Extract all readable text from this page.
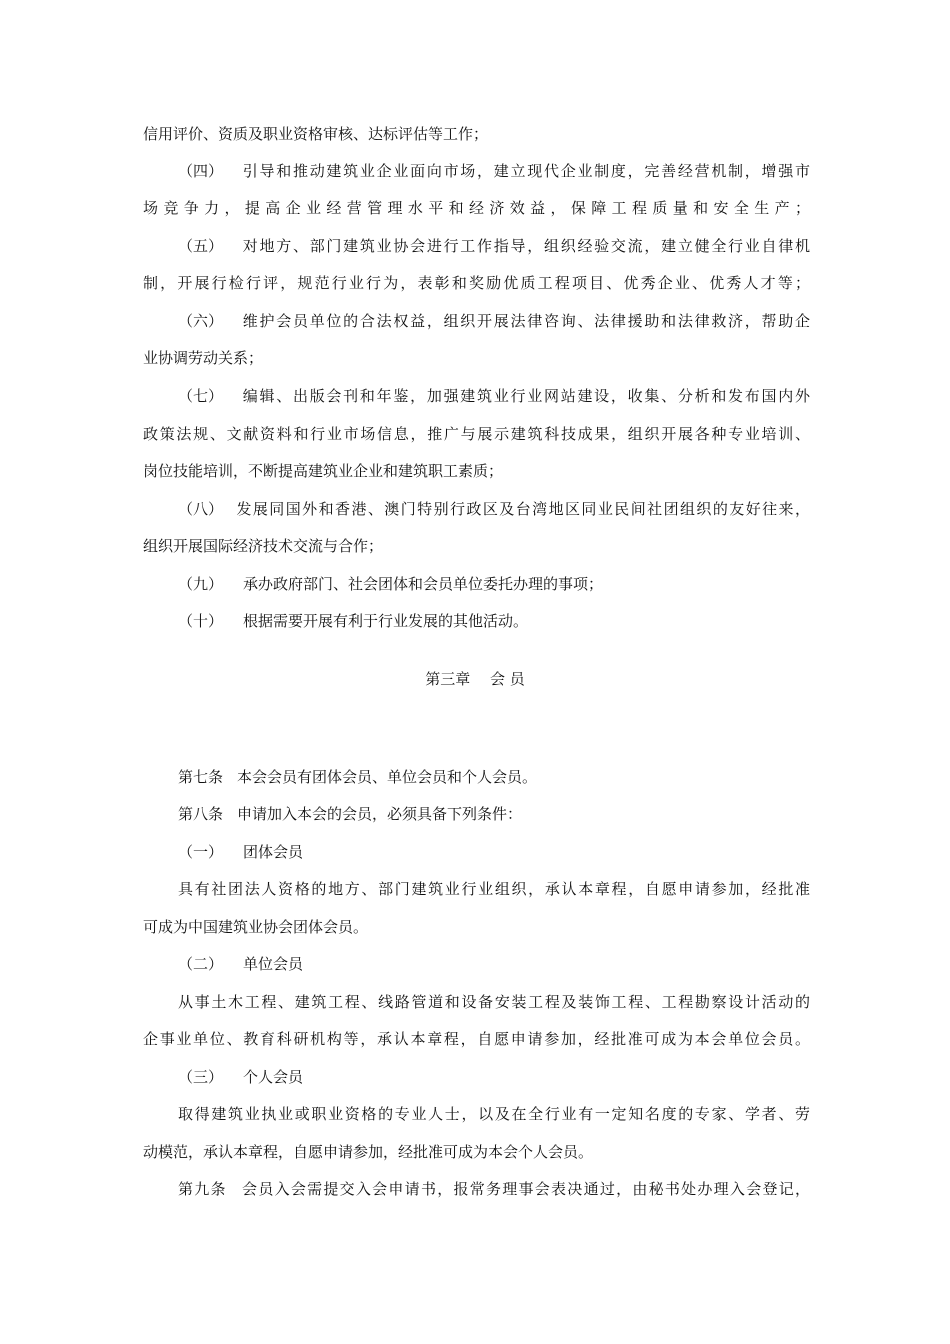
信用评价、资质及职业资格审核、达标评估等工作；
（四） 引导和推动建筑业企业面向市场，建立现代企业制度，完善经营机制，增强市
场竞争力，提高企业经营管理水平和经济效益，保障工程质量和安全生产；
（五） 对地方、部门建筑业协会进行工作指导，组织经验交流，建立健全行业自律机
制，开展行检行评，规范行业行为，表彰和奖励优质工程项目、优秀企业、优秀人才等；
（六） 维护会员单位的合法权益，组织开展法律咨询、法律援助和法律救济，帮助企
业协调劳动关系；
（七） 编辑、出版会刊和年鉴，加强建筑业行业网站建设，收集、分析和发布国内外
政策法规、文献资料和行业市场信息，推广与展示建筑科技成果，组织开展各种专业培训、
岗位技能培训，不断提高建筑业企业和建筑职工素质；
（八） 发展同国外和香港、澳门特别行政区及台湾地区同业民间社团组织的友好往来，
组织开展国际经济技术交流与合作；
（九） 承办政府部门、社会团体和会员单位委托办理的事项；
（十） 根据需要开展有利于行业发展的其他活动。
第三章　 会 员
第七条 本会会员有团体会员、单位会员和个人会员。
第八条 申请加入本会的会员，必须具备下列条件：
（一） 团体会员
具有社团法人资格的地方、部门建筑业行业组织，承认本章程，自愿申请参加，经批准
可成为中国建筑业协会团体会员。
（二） 单位会员
从事土木工程、建筑工程、线路管道和设备安装工程及装饰工程、工程勘察设计活动的
企事业单位、教育科研机构等，承认本章程，自愿申请参加，经批准可成为本会单位会员。
（三） 个人会员
取得建筑业执业或职业资格的专业人士，以及在全行业有一定知名度的专家、学者、劳
动模范，承认本章程，自愿申请参加，经批准可成为本会个人会员。
第九条 会员入会需提交入会申请书，报常务理事会表决通过，由秘书处办理入会登记，
